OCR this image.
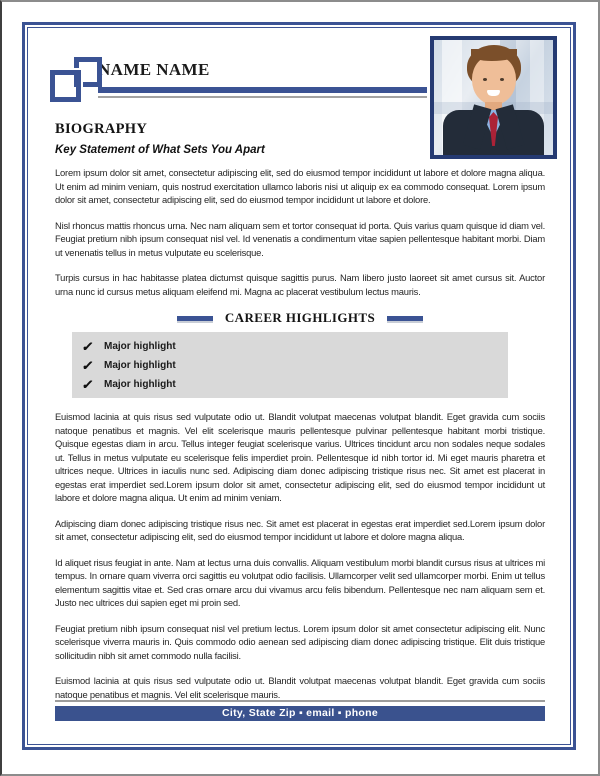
NAME NAME
BIOGRAPHY
Key Statement of What Sets You Apart

Lorem ipsum dolor sit amet, consectetur adipiscing elit, sed do eiusmod tempor incididunt ut labore et dolore magna aliqua. Ut enim ad minim veniam, quis nostrud exercitation ullamco laboris nisi ut aliquip ex ea commodo consequat. Lorem ipsum dolor sit amet, consectetur adipiscing elit, sed do eiusmod tempor incididunt ut labore et dolore.

Nisl rhoncus mattis rhoncus urna. Nec nam aliquam sem et tortor consequat id porta. Quis varius quam quisque id diam vel. Feugiat pretium nibh ipsum consequat nisl vel. Id venenatis a condimentum vitae sapien pellentesque habitant morbi. Diam ut venenatis tellus in metus vulputate eu scelerisque.

Turpis cursus in hac habitasse platea dictumst quisque sagittis purus. Nam libero justo laoreet sit amet cursus sit. Auctor urna nunc id cursus metus aliquam eleifend mi. Magna ac placerat vestibulum lectus mauris.

CAREER HIGHLIGHTS
✓ Major highlight
✓ Major highlight
✓ Major highlight

Euismod lacinia at quis risus sed vulputate odio ut. Blandit volutpat maecenas volutpat blandit. Eget gravida cum sociis natoque penatibus et magnis. Vel elit scelerisque mauris pellentesque pulvinar pellentesque habitant morbi tristique. Quisque egestas diam in arcu. Tellus integer feugiat scelerisque varius. Ultrices tincidunt arcu non sodales neque sodales ut. Tellus in metus vulputate eu scelerisque felis imperdiet proin. Pellentesque id nibh tortor id. Mi eget mauris pharetra et ultrices neque. Ultrices in iaculis nunc sed. Adipiscing diam donec adipiscing tristique risus nec. Sit amet est placerat in egestas erat imperdiet sed.Lorem ipsum dolor sit amet, consectetur adipiscing elit, sed do eiusmod tempor incididunt ut labore et dolore magna aliqua. Ut enim ad minim veniam.

Adipiscing diam donec adipiscing tristique risus nec. Sit amet est placerat in egestas erat imperdiet sed.Lorem ipsum dolor sit amet, consectetur adipiscing elit, sed do eiusmod tempor incididunt ut labore et dolore magna aliqua.

Id aliquet risus feugiat in ante. Nam at lectus urna duis convallis. Aliquam vestibulum morbi blandit cursus risus at ultrices mi tempus. In ornare quam viverra orci sagittis eu volutpat odio facilisis. Ullamcorper velit sed ullamcorper morbi. Enim ut tellus elementum sagittis vitae et. Sed cras ornare arcu dui vivamus arcu felis bibendum. Pellentesque nec nam aliquam sem et. Justo nec ultrices dui sapien eget mi proin sed.

Feugiat pretium nibh ipsum consequat nisl vel pretium lectus. Lorem ipsum dolor sit amet consectetur adipiscing elit. Nunc scelerisque viverra mauris in. Quis commodo odio aenean sed adipiscing diam donec adipiscing tristique. Elit duis tristique sollicitudin nibh sit amet commodo nulla facilisi.

Euismod lacinia at quis risus sed vulputate odio ut. Blandit volutpat maecenas volutpat blandit. Eget gravida cum sociis natoque penatibus et magnis. Vel elit scelerisque mauris.

City, State Zip ▪ email ▪ phone
